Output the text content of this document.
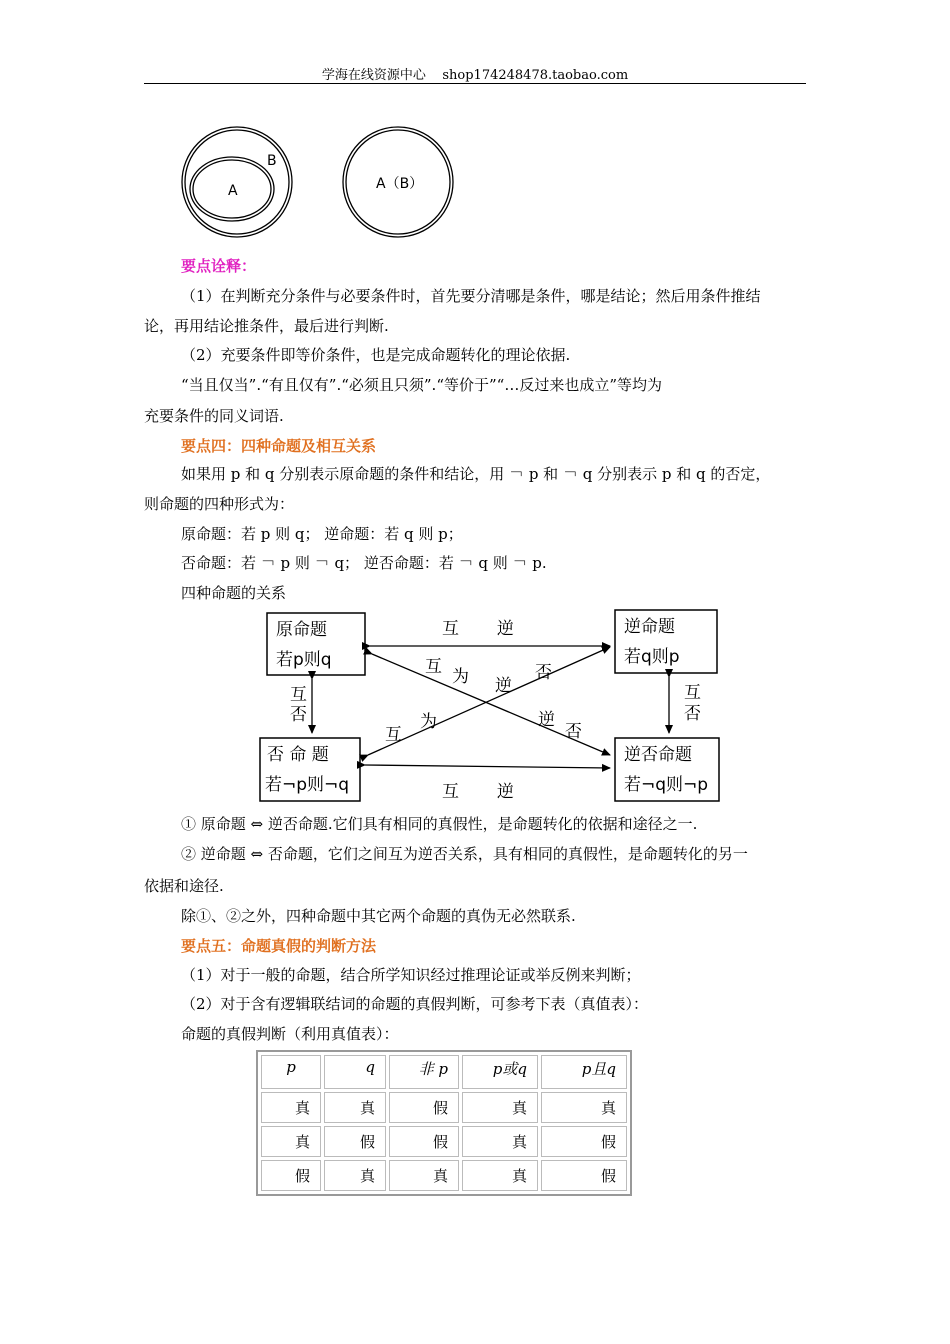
学海在线资源中心 shop174248478.taobao.com
A
B
A（B）
要点诠释：
（1）在判断充分条件与必要条件时，首先要分清哪是条件，哪是结论；然后用条件推结
论，再用结论推条件，最后进行判断.
（2）充要条件即等价条件，也是完成命题转化的理论依据.
“当且仅当”.“有且仅有”.“必须且只须”.“等价于”“…反过来也成立”等均为
充要条件的同义词语.
要点四：四种命题及相互关系
如果用 p 和 q 分别表示原命题的条件和结论，用 ￢ p 和 ￢ q 分别表示 p 和 q 的否定，
则命题的四种形式为：
原命题：若 p 则 q； 逆命题：若 q 则 p；
否命题：若 ￢ p 则 ￢ q； 逆否命题：若 ￢ q 则 ￢ p.
四种命题的关系
原命题
若p则q
逆命题
若q则p
否 命 题
若¬p则¬q
逆否命题
若¬q则¬p
互       逆
互       逆
互
否
互
否
互 为 逆
否
互
为	逆
否
① 原命题 ⇔ 逆否命题.它们具有相同的真假性，是命题转化的依据和途径之一.
② 逆命题 ⇔ 否命题，它们之间互为逆否关系，具有相同的真假性，是命题转化的另一
依据和途径.
除①、②之外，四种命题中其它两个命题的真伪无必然联系.
要点五：命题真假的判断方法
（1）对于一般的命题，结合所学知识经过推理论证或举反例来判断；
（2）对于含有逻辑联结词的命题的真假判断，可参考下表（真值表）：
命题的真假判断（利用真值表）：
p	q	非 p	p或q	p且q
真	真	假	真	真
真	假	假	真	假
假	真	真	真	假
